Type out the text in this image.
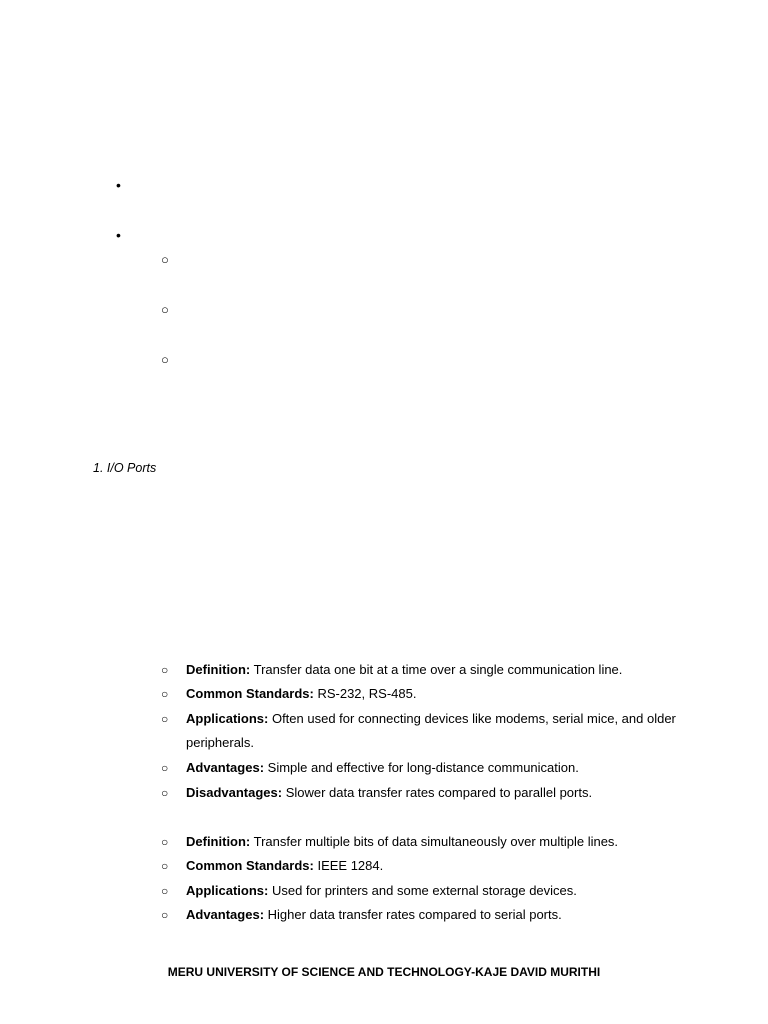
•
•
○
○
○
1. I/O Ports
○ Definition: Transfer data one bit at a time over a single communication line.
○ Common Standards: RS-232, RS-485.
○ Applications: Often used for connecting devices like modems, serial mice, and older peripherals.
○ Advantages: Simple and effective for long-distance communication.
○ Disadvantages: Slower data transfer rates compared to parallel ports.
○ Definition: Transfer multiple bits of data simultaneously over multiple lines.
○ Common Standards: IEEE 1284.
○ Applications: Used for printers and some external storage devices.
○ Advantages: Higher data transfer rates compared to serial ports.
MERU UNIVERSITY OF SCIENCE AND TECHNOLOGY-KAJE DAVID MURITHI
